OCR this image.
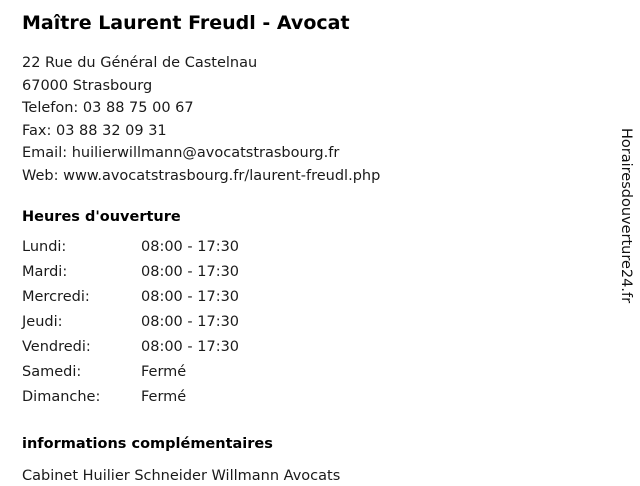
Maître Laurent Freudl - Avocat
22 Rue du Général de Castelnau
67000 Strasbourg
Telefon: 03 88 75 00 67
Fax: 03 88 32 09 31
Email: huilierwillmann@avocatstrasbourg.fr
Web: www.avocatstrasbourg.fr/laurent-freudl.php
Heures d'ouverture
Lundi:	08:00 - 17:30
Mardi:	08:00 - 17:30
Mercredi:	08:00 - 17:30
Jeudi:	08:00 - 17:30
Vendredi:	08:00 - 17:30
Samedi:	Fermé
Dimanche:	Fermé
informations complémentaires
Cabinet Huilier Schneider Willmann Avocats
Horairesdouverture24.fr
